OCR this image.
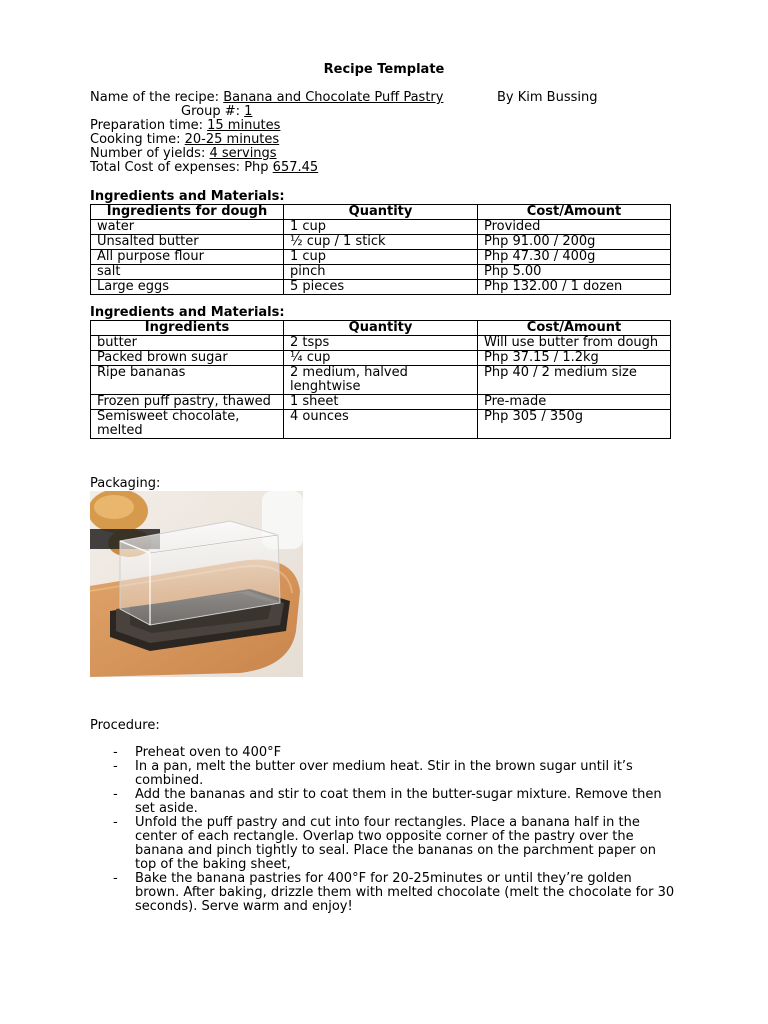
Recipe Template
Name of the recipe: Banana and Chocolate Puff Pastry	By Kim Bussing
Group #: 1
Preparation time: 15 minutes
Cooking time: 20-25 minutes
Number of yields: 4 servings
Total Cost of expenses: Php 657.45
Ingredients and Materials:
Ingredients for dough	Quantity	Cost/Amount
water	1 cup	Provided
Unsalted butter	½ cup / 1 stick	Php 91.00 / 200g
All purpose flour	1 cup	Php 47.30 / 400g
salt	pinch	Php 5.00
Large eggs	5 pieces	Php 132.00 / 1 dozen
Ingredients and Materials:
Ingredients	Quantity	Cost/Amount
butter	2 tsps	Will use butter from dough
Packed brown sugar	¼ cup	Php 37.15 / 1.2kg
Ripe bananas	2 medium, halved lenghtwise	Php 40 / 2 medium size
Frozen puff pastry, thawed	1 sheet	Pre-made
Semisweet chocolate, melted	4 ounces	Php 305 / 350g
Packaging:
Procedure:
- Preheat oven to 400°F
- In a pan, melt the butter over medium heat. Stir in the brown sugar until it’s combined.
- Add the bananas and stir to coat them in the butter-sugar mixture. Remove then set aside.
- Unfold the puff pastry and cut into four rectangles. Place a banana half in the center of each rectangle. Overlap two opposite corner of the pastry over the banana and pinch tightly to seal. Place the bananas on the parchment paper on top of the baking sheet,
- Bake the banana pastries for 400°F for 20-25minutes or until they’re golden brown. After baking, drizzle them with melted chocolate (melt the chocolate for 30 seconds). Serve warm and enjoy!
